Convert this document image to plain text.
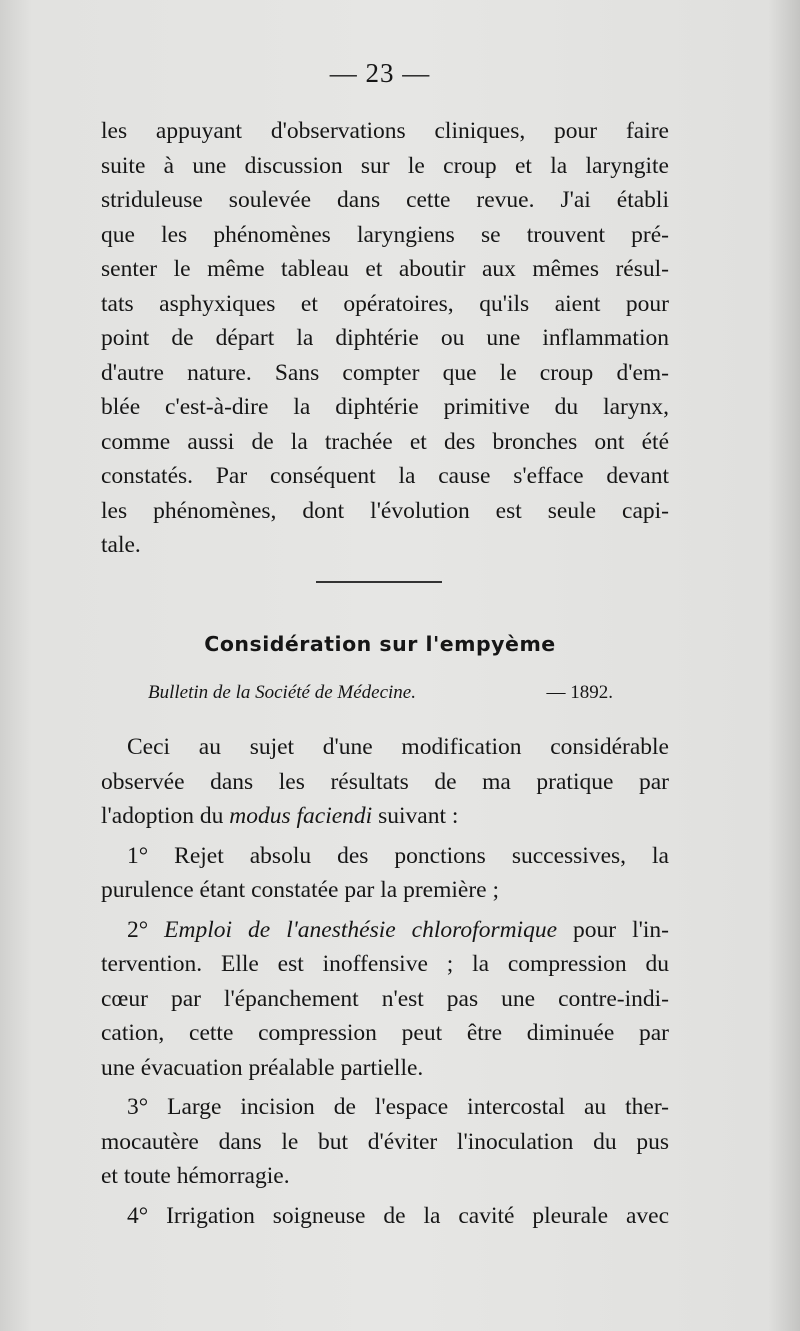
— 23 —
les appuyant d'observations cliniques, pour faire
suite à une discussion sur le croup et la laryngite
striduleuse soulevée dans cette revue. J'ai établi
que les phénomènes laryngiens se trouvent pré-
senter le même tableau et aboutir aux mêmes résul-
tats asphyxiques et opératoires, qu'ils aient pour
point de départ la diphtérie ou une inflammation
d'autre nature. Sans compter que le croup d'em-
blée c'est-à-dire la diphtérie primitive du larynx,
comme aussi de la trachée et des bronches ont été
constatés. Par conséquent la cause s'efface devant
les phénomènes, dont l'évolution est seule capi-
tale.
Considération sur l'empyème
Bulletin de la Société de Médecine.	— 1892.
Ceci au sujet d'une modification considérable
observée dans les résultats de ma pratique par
l'adoption du modus faciendi suivant :
1° Rejet absolu des ponctions successives, la
purulence étant constatée par la première ;
2° Emploi de l'anesthésie chloroformique pour l'in-
tervention. Elle est inoffensive ; la compression du
cœur par l'épanchement n'est pas une contre-indi-
cation, cette compression peut être diminuée par
une évacuation préalable partielle.
3° Large incision de l'espace intercostal au ther-
mocautère dans le but d'éviter l'inoculation du pus
et toute hémorragie.
4° Irrigation soigneuse de la cavité pleurale avec
